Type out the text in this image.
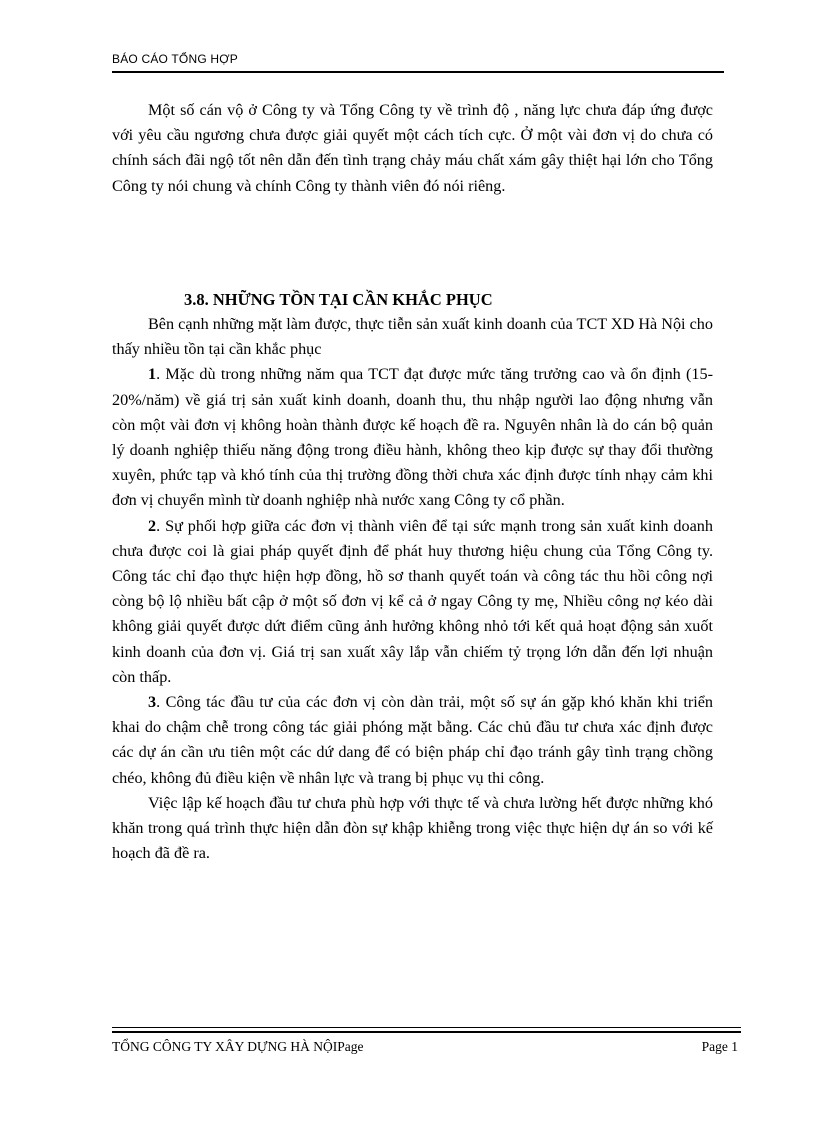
BÁO CÁO TỔNG HỢP

Một số cán vộ ở Công ty và Tổng Công ty về trình độ , năng lực chưa đáp ứng được với yêu cầu ngương chưa được giải quyết một cách tích cực. Ở một vài đơn vị do chưa có chính sách đãi ngộ tốt nên dẫn đến tình trạng chảy máu chất xám gây thiệt hại lớn cho Tổng Công ty nói chung và chính Công ty thành viên đó nói riêng.

3.8. NHỮNG TỒN TẠI CẦN KHẮC PHỤC

Bên cạnh những mặt làm được, thực tiễn sản xuất kinh doanh của TCT XD Hà Nội cho thấy nhiều tồn tại cần khắc phục

1. Mặc dù trong những năm qua TCT đạt được mức tăng trưởng cao và ổn định (15-20%/năm) về giá trị sản xuất kinh doanh, doanh thu, thu nhập người lao động nhưng vẫn còn một vài đơn vị không hoàn thành được kế hoạch đề ra. Nguyên nhân là do cán bộ quản lý doanh nghiệp thiếu năng động trong điều hành, không theo kịp được sự thay đổi thường xuyên, phức tạp và khó tính của thị trường đồng thời chưa xác định được tính nhạy cảm khi đơn vị chuyển mình từ doanh nghiệp nhà nước xang Công ty cổ phần.

2. Sự phối hợp giữa các đơn vị thành viên để tại sức mạnh trong sản xuất kinh doanh chưa được coi là giai pháp quyết định để phát huy thương hiệu chung của Tổng Công ty. Công tác chỉ đạo thực hiện hợp đồng, hồ sơ thanh quyết toán và công tác thu hồi công nợi còng bộ lộ nhiều bất cập ở một số đơn vị kể cả ở ngay Công ty mẹ, Nhiều công nợ kéo dài không giải quyết được dứt điểm cũng ảnh hưởng không nhỏ tới kết quả hoạt động sản xuốt kinh doanh của đơn vị. Giá trị san xuất xây lắp vẫn chiếm tỷ trọng lớn dẫn đến lợi nhuận còn thấp.

3. Công tác đầu tư của các đơn vị còn dàn trải, một số sự án gặp khó khăn khi triển khai do chậm chễ trong công tác giải phóng mặt bằng. Các chủ đầu tư chưa xác định được các dự án cần ưu tiên một các dứ dang để có biện pháp chỉ đạo tránh gây tình trạng chồng chéo, không đủ điều kiện về nhân lực và trang bị phục vụ thi công.

Việc lập kế hoạch đầu tư chưa phù hợp với thực tế và chưa lường hết được những khó khăn trong quá trình thực hiện dẫn đòn sự khập khiễng trong việc thực hiện dự án so với kế hoạch đã đề ra.

TỔNG CÔNG TY XÂY DỰNG HÀ NỘIPage	Page 1
